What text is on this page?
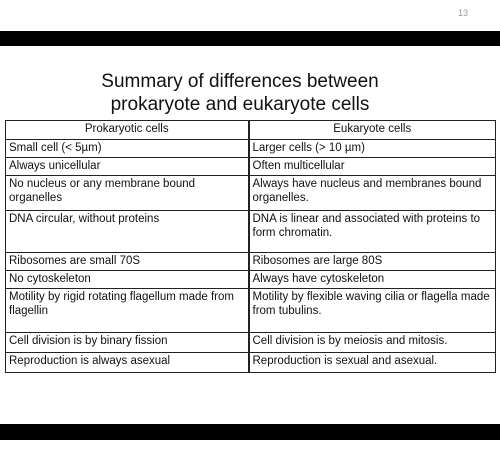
13
Summary of differences between
prokaryote and eukaryote cells
Prokaryotic cells	Eukaryote cells
Small cell (< 5µm)	Larger cells (> 10 µm)
Always unicellular	Often multicellular
No nucleus or any membrane bound organelles	Always have nucleus and membranes bound organelles.
DNA circular, without proteins	DNA is linear and associated with proteins to form chromatin.
Ribosomes are small 70S	Ribosomes are large 80S
No cytoskeleton	Always have cytoskeleton
Motility by rigid rotating flagellum made from flagellin	Motility by flexible waving cilia or flagella made from tubulins.
Cell division is by binary fission	Cell division is by meiosis and mitosis.
Reproduction is always asexual	Reproduction is sexual and asexual.
